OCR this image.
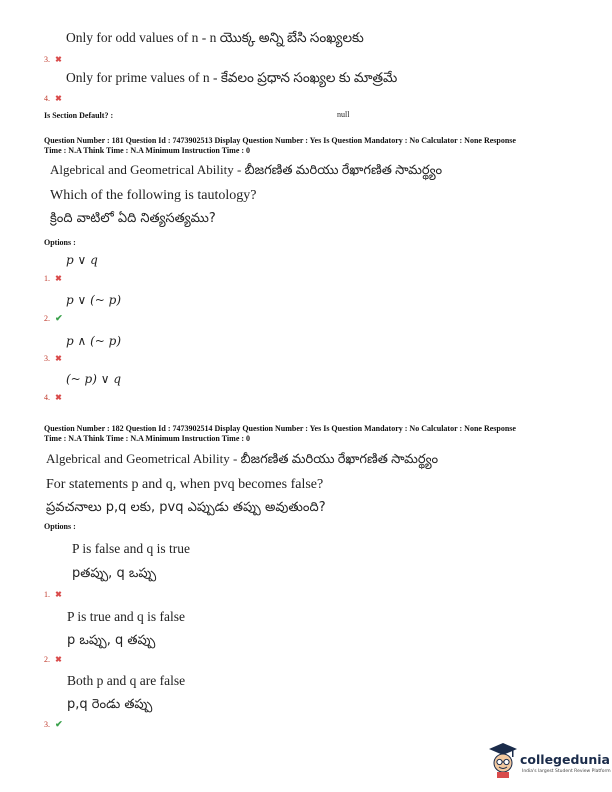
Only for odd values of n - n యొక్క అన్ని బేసి సంఖ్యలకు
3. ✖
Only for prime values of n - కేవలం ప్రధాన సంఖ్యల కు మాత్రమే
4. ✖
Is Section Default? :	null
Question Number : 181 Question Id : 7473902513 Display Question Number : Yes Is Question Mandatory : No Calculator : None Response
Time : N.A Think Time : N.A Minimum Instruction Time : 0
Algebrical and Geometrical Ability - బీజగణిత మరియు రేఖాగణిత సామర్థ్యం
Which of the following is tautology?
క్రింది వాటిలో ఏది నిత్యసత్యము?
Options :
p ∨ q
1. ✖
p ∨ (~ p)
2. ✔
p ∧ (~ p)
3. ✖
(~ p) ∨ q
4. ✖
Question Number : 182 Question Id : 7473902514 Display Question Number : Yes Is Question Mandatory : No Calculator : None Response
Time : N.A Think Time : N.A Minimum Instruction Time : 0
Algebrical and Geometrical Ability - బీజగణిత మరియు రేఖాగణిత సామర్థ్యం
For statements p and q, when pvq becomes false?
ప్రవచనాలు p,q లకు, pvq ఎప్పుడు తప్పు అవుతుంది?
Options :
P is false and q is true
pతప్పు, q ఒప్పు
1. ✖
P is true and q is false
p ఒప్పు, q తప్పు
2. ✖
Both p and q are false
p,q రెండు తప్పు
3. ✔
collegedunia
India's largest Student Review Platform
